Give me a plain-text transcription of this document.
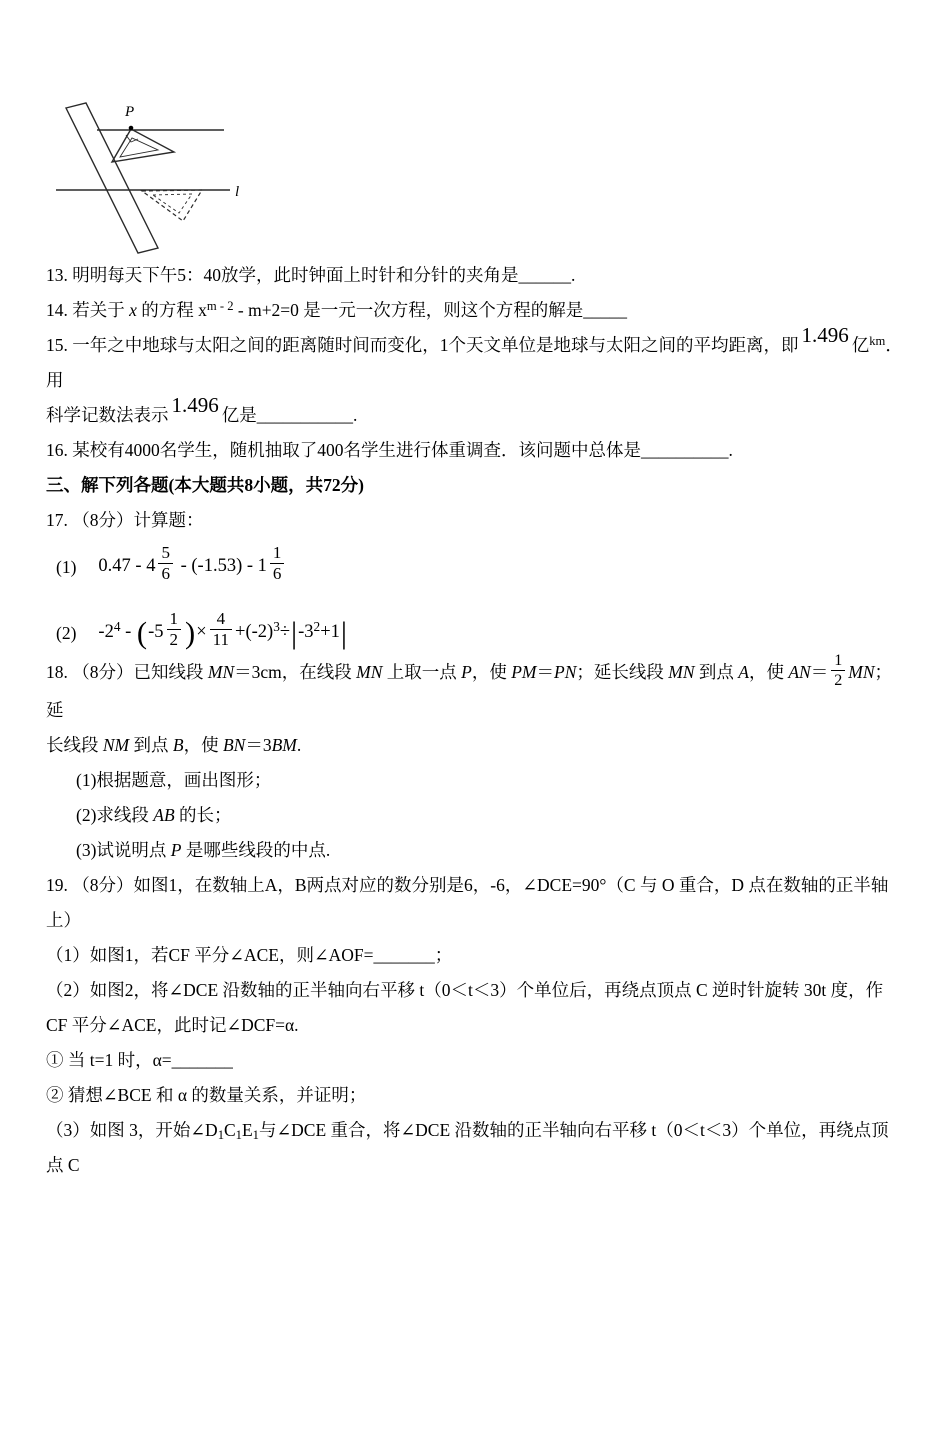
P
l

13. 明明每天下午5：40放学，此时钟面上时针和分针的夹角是______.

14. 若关于 x 的方程 $x^{m - 2} - m+2=0$ 是一元一次方程，则这个方程的解是_____

15. 一年之中地球与太阳之间的距离随时间而变化，1个天文单位是地球与太阳之间的平均距离，即 1.496 亿$^{km}$．用

科学记数法表示 1.496 亿是___________.

16. 某校有4000名学生，随机抽取了400名学生进行体重调查．该问题中总体是__________.

三、解下列各题(本大题共8小题，共72分)

17. （8分）计算题：

(1) $0.47 - 4 \frac{5}{6} - (-1.53) - 1 \frac{1}{6}$
(2) $-2^4 - (-5 \frac{1}{2}$ )× $\frac{4}{11} +(-2)^3\div|-3^2+1|$

18. （8分）已知线段 MN＝3cm，在线段 MN 上取一点 P，使 PM＝PN；延长线段 MN 到点 A，使 $AN= \frac{1}{2}$ MN；延

长线段 NM 到点 B，使 BN＝3BM.

(1)根据题意，画出图形；

(2)求线段 AB 的长；

(3)试说明点 P 是哪些线段的中点.

19. （8分）如图1，在数轴上A，B两点对应的数分别是6，-6，∠DCE=90°（C 与 O 重合，D 点在数轴的正半轴上）

（1）如图1，若CF 平分∠ACE，则∠AOF=_______；

（2）如图2，将∠DCE 沿数轴的正半轴向右平移 t（0＜t＜3）个单位后，再绕点顶点 C 逆时针旋转 30t 度，作 CF 平分∠ACE，此时记∠DCF=α.

① 当 t=1 时，α=_______

② 猜想∠BCE 和 α 的数量关系，并证明；

（3）如图 3，开始$\angle D_1C_1E_1$与∠DCE 重合，将∠DCE 沿数轴的正半轴向右平移 t（0＜t＜3）个单位，再绕点顶点 C
